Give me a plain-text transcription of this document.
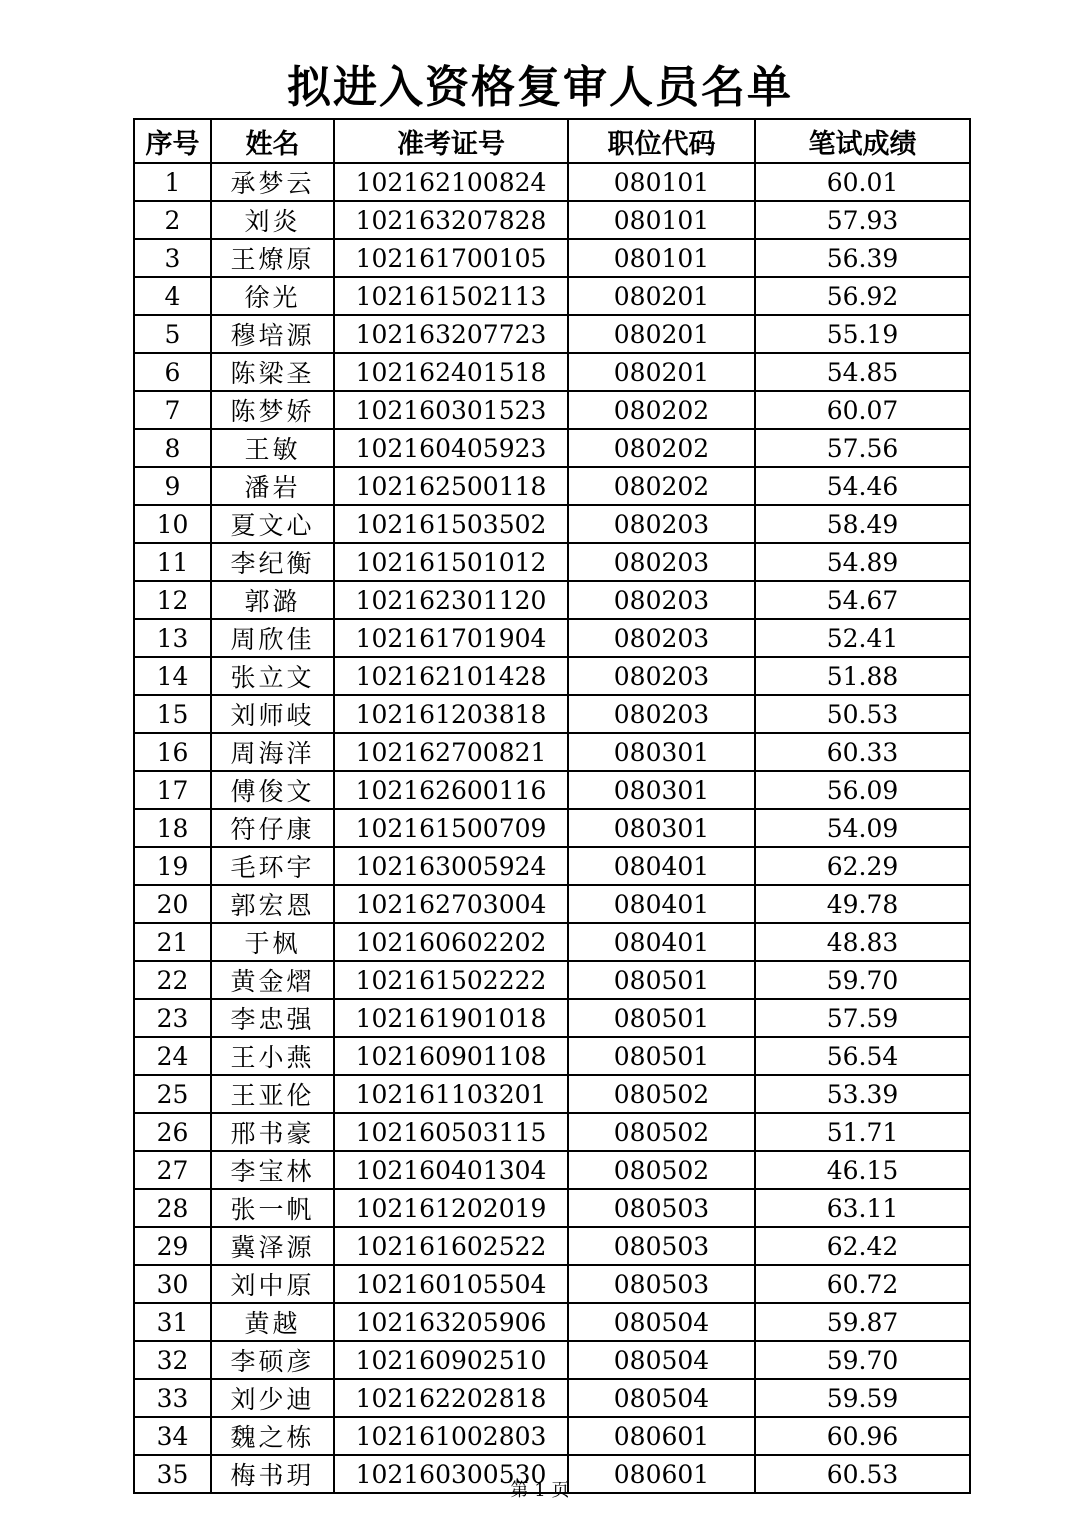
拟进入资格复审人员名单
序号	姓名	准考证号	职位代码	笔试成绩
1	承梦云	102162100824	080101	60.01
2	刘炎	102163207828	080101	57.93
3	王燎原	102161700105	080101	56.39
4	徐光	102161502113	080201	56.92
5	穆培源	102163207723	080201	55.19
6	陈梁圣	102162401518	080201	54.85
7	陈梦娇	102160301523	080202	60.07
8	王敏	102160405923	080202	57.56
9	潘岩	102162500118	080202	54.46
10	夏文心	102161503502	080203	58.49
11	李纪衡	102161501012	080203	54.89
12	郭潞	102162301120	080203	54.67
13	周欣佳	102161701904	080203	52.41
14	张立文	102162101428	080203	51.88
15	刘师岐	102161203818	080203	50.53
16	周海洋	102162700821	080301	60.33
17	傅俊文	102162600116	080301	56.09
18	符仔康	102161500709	080301	54.09
19	毛环宇	102163005924	080401	62.29
20	郭宏恩	102162703004	080401	49.78
21	于枫	102160602202	080401	48.83
22	黄金熠	102161502222	080501	59.70
23	李忠强	102161901018	080501	57.59
24	王小燕	102160901108	080501	56.54
25	王亚伦	102161103201	080502	53.39
26	邢书豪	102160503115	080502	51.71
27	李宝林	102160401304	080502	46.15
28	张一帆	102161202019	080503	63.11
29	冀泽源	102161602522	080503	62.42
30	刘中原	102160105504	080503	60.72
31	黄越	102163205906	080504	59.87
32	李硕彦	102160902510	080504	59.70
33	刘少迪	102162202818	080504	59.59
34	魏之栋	102161002803	080601	60.96
35	梅书玥	102160300530	080601	60.53
第 1 页
